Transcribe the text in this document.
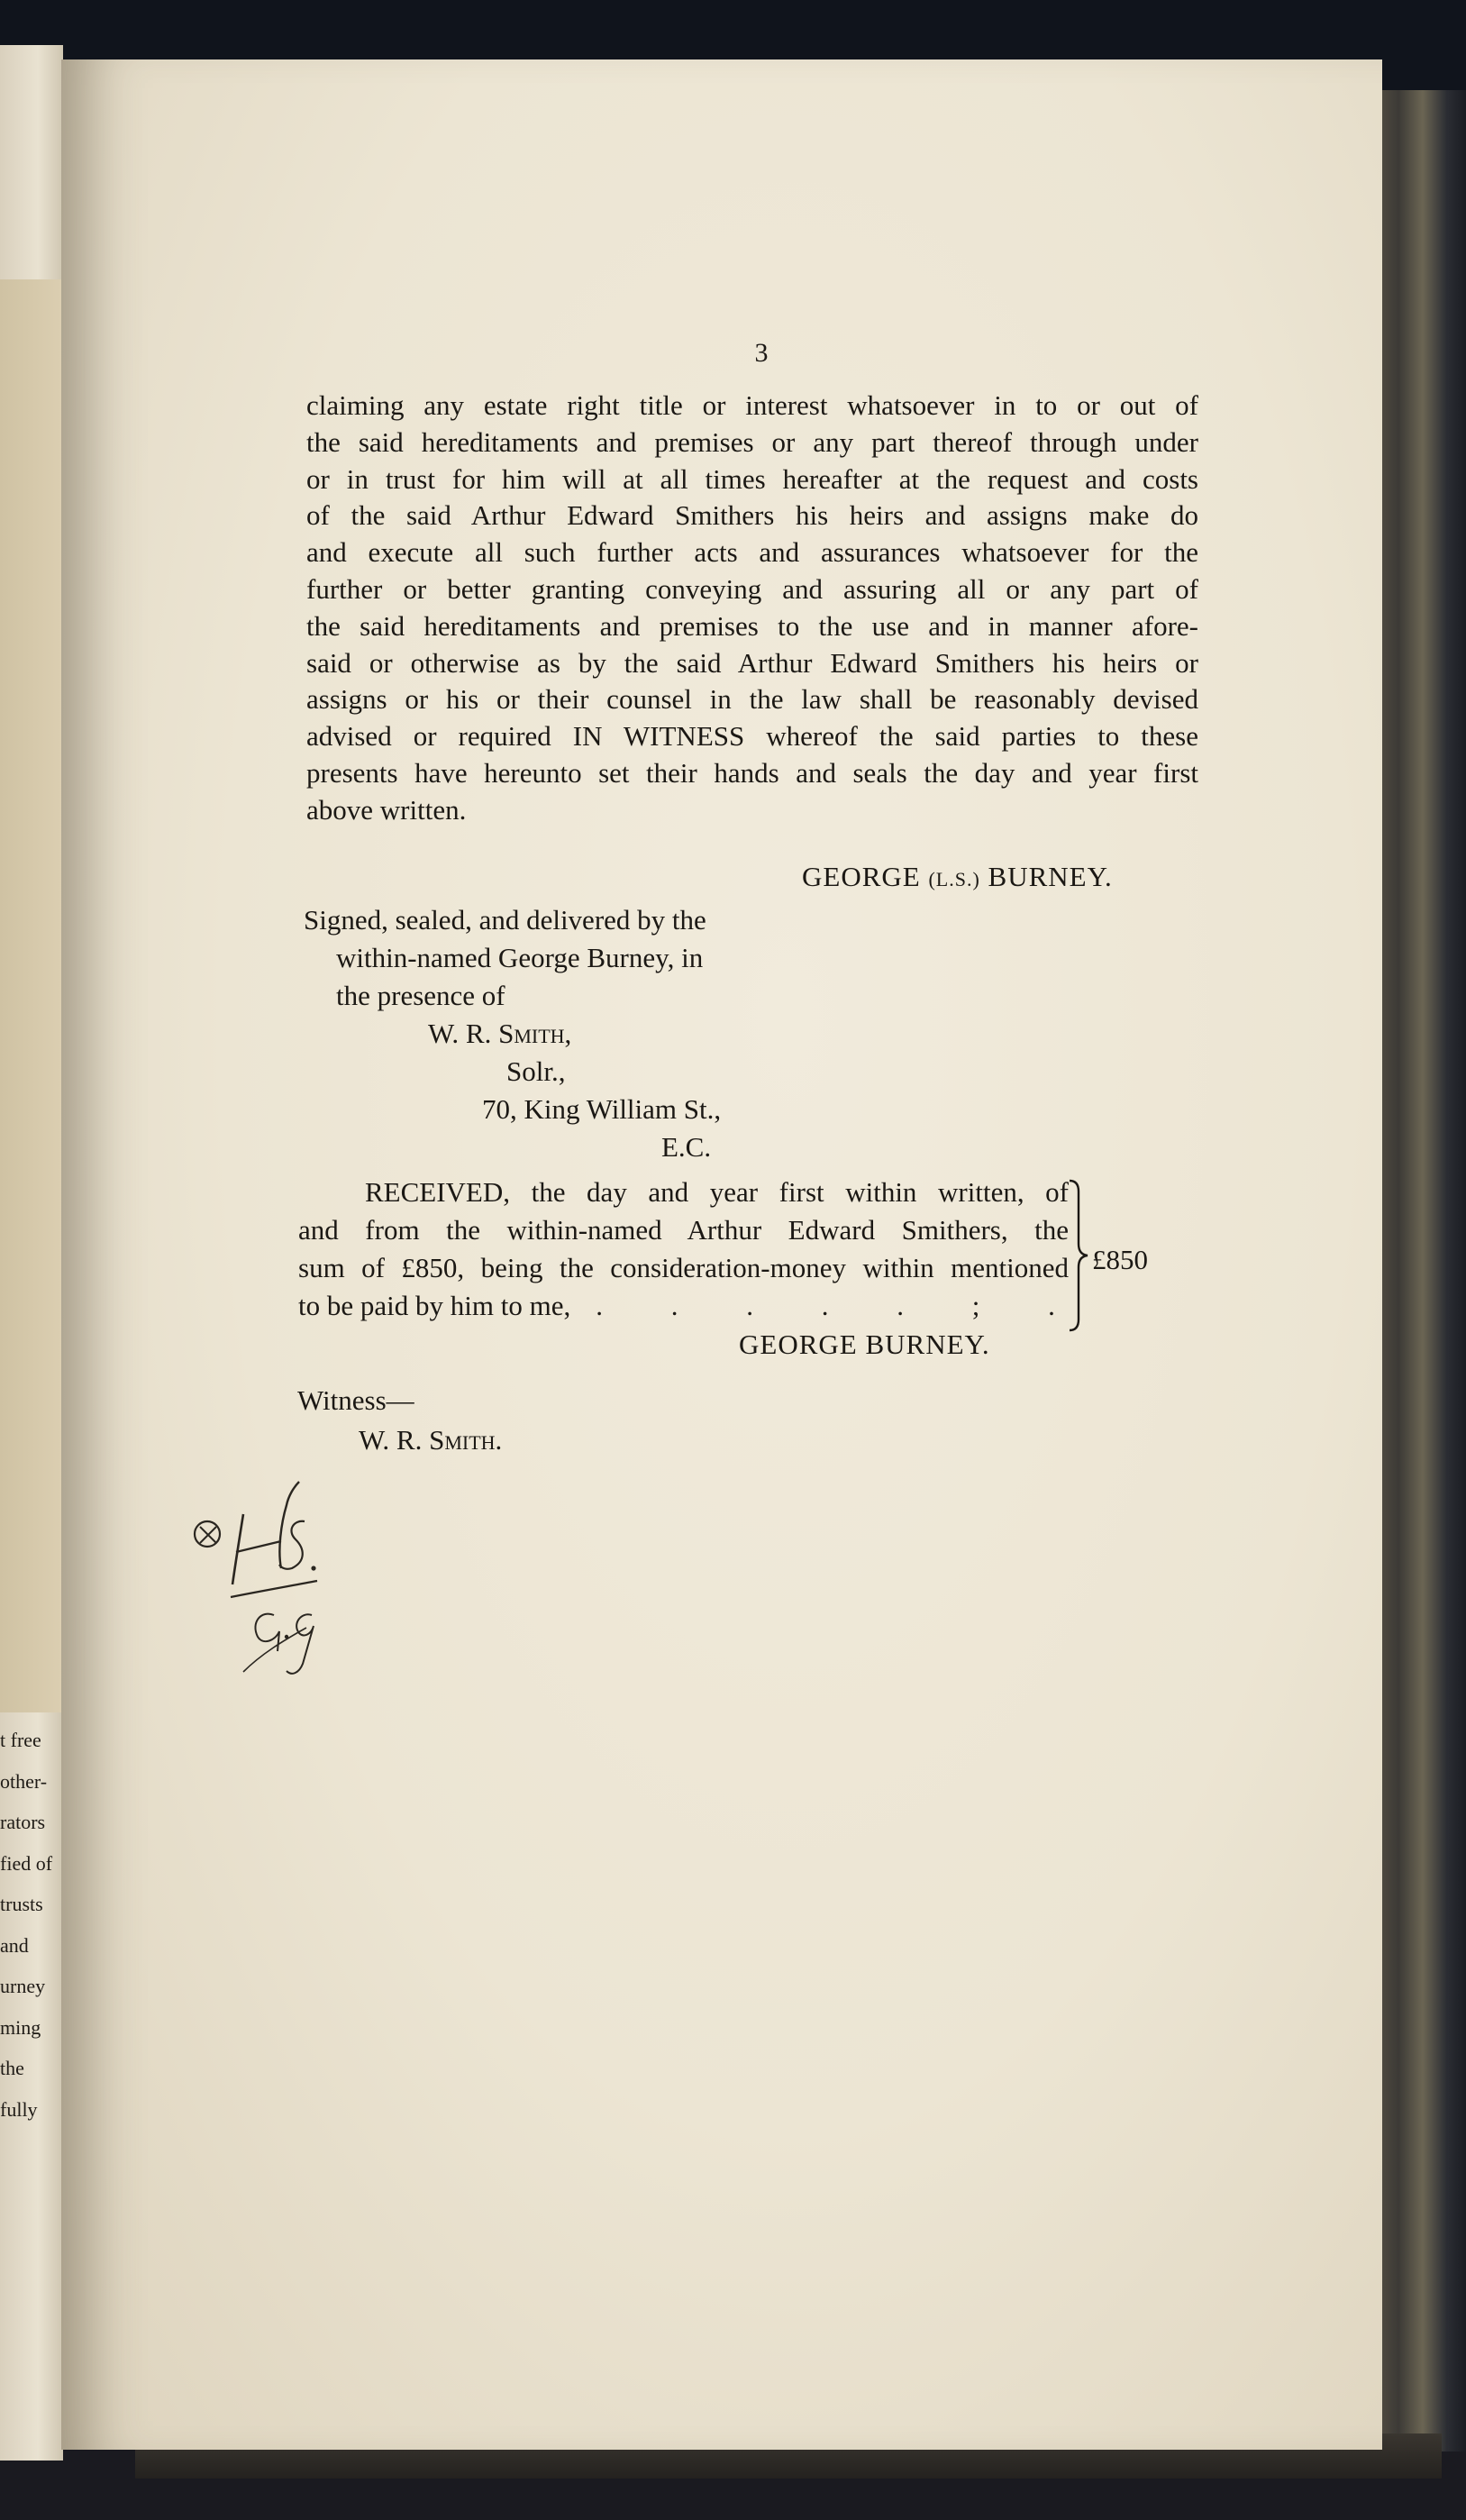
t free
other-
rators
fied of
trusts
and
urney
ming
the
fully
3
claiming any estate right title or interest whatsoever in to or out of
the said hereditaments and premises or any part thereof through under
or in trust for him will at all times hereafter at the request and costs
of the said Arthur Edward Smithers his heirs and assigns make do
and execute all such further acts and assurances whatsoever for the
further or better granting conveying and assuring all or any part of
the said hereditaments and premises to the use and in manner afore-
said or otherwise as by the said Arthur Edward Smithers his heirs or
assigns or his or their counsel in the law shall be reasonably devised
advised or required IN WITNESS whereof the said parties to these
presents have hereunto set their hands and seals the day and year first
above written.
GEORGE (L.S.) BURNEY.
Signed, sealed, and delivered by the
within-named George Burney, in
the presence of
W. R. Smith,
Solr.,
70, King William St.,
E.C.
RECEIVED, the day and year first within written, of
and from the within-named Arthur Edward Smithers, the
sum of £850, being the consideration-money within mentioned
to be paid by him to me, . . . . . ; .
£850
GEORGE BURNEY.
Witness—
W. R. Smith.
